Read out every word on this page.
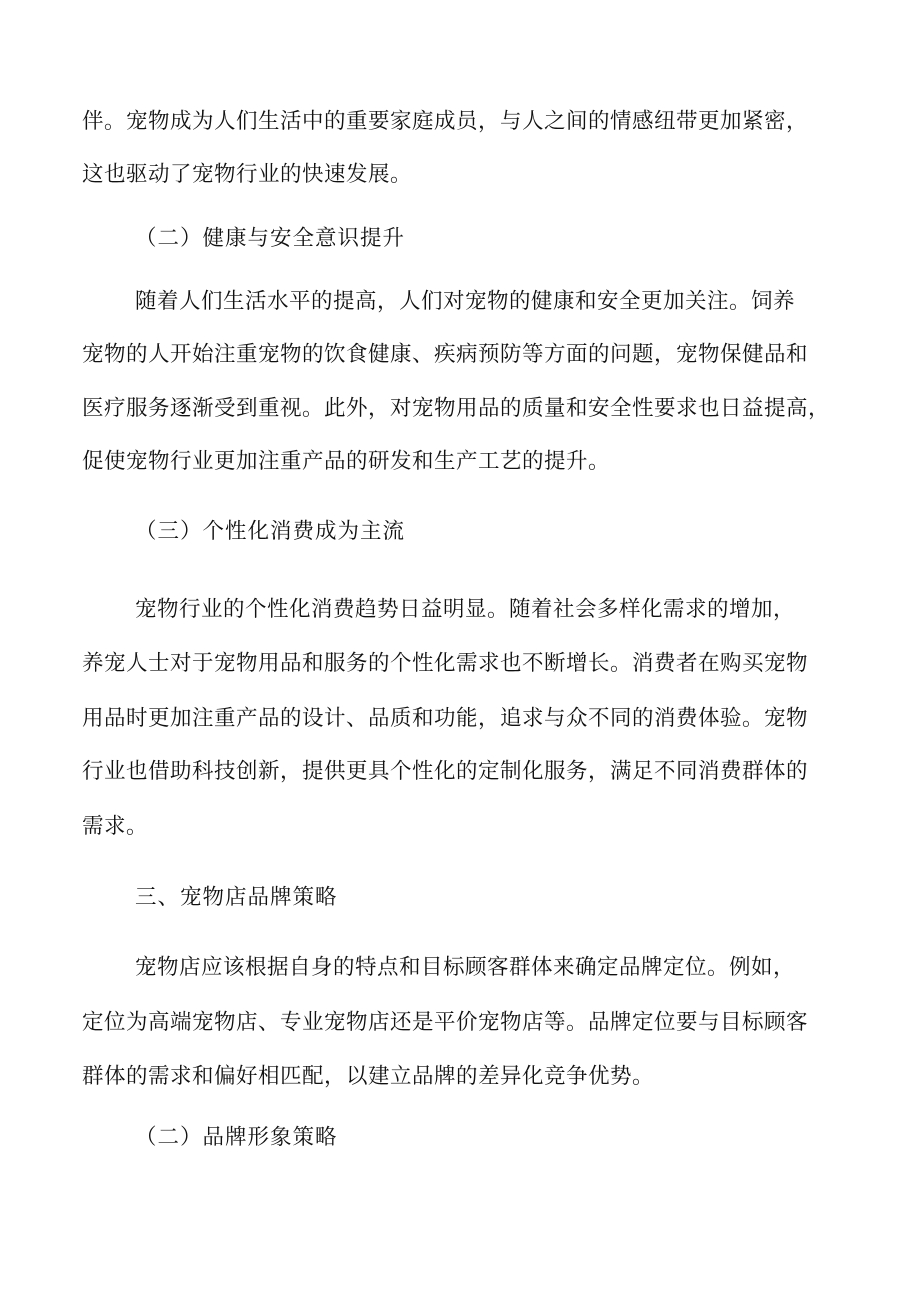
伴。宠物成为人们生活中的重要家庭成员，与人之间的情感纽带更加紧密，
这也驱动了宠物行业的快速发展。
（二）健康与安全意识提升
随着人们生活水平的提高，人们对宠物的健康和安全更加关注。饲养
宠物的人开始注重宠物的饮食健康、疾病预防等方面的问题，宠物保健品和
医疗服务逐渐受到重视。此外，对宠物用品的质量和安全性要求也日益提高，
促使宠物行业更加注重产品的研发和生产工艺的提升。
（三）个性化消费成为主流
宠物行业的个性化消费趋势日益明显。随着社会多样化需求的增加，
养宠人士对于宠物用品和服务的个性化需求也不断增长。消费者在购买宠物
用品时更加注重产品的设计、品质和功能，追求与众不同的消费体验。宠物
行业也借助科技创新，提供更具个性化的定制化服务，满足不同消费群体的
需求。
三、宠物店品牌策略
宠物店应该根据自身的特点和目标顾客群体来确定品牌定位。例如，
定位为高端宠物店、专业宠物店还是平价宠物店等。品牌定位要与目标顾客
群体的需求和偏好相匹配，以建立品牌的差异化竞争优势。
（二）品牌形象策略
